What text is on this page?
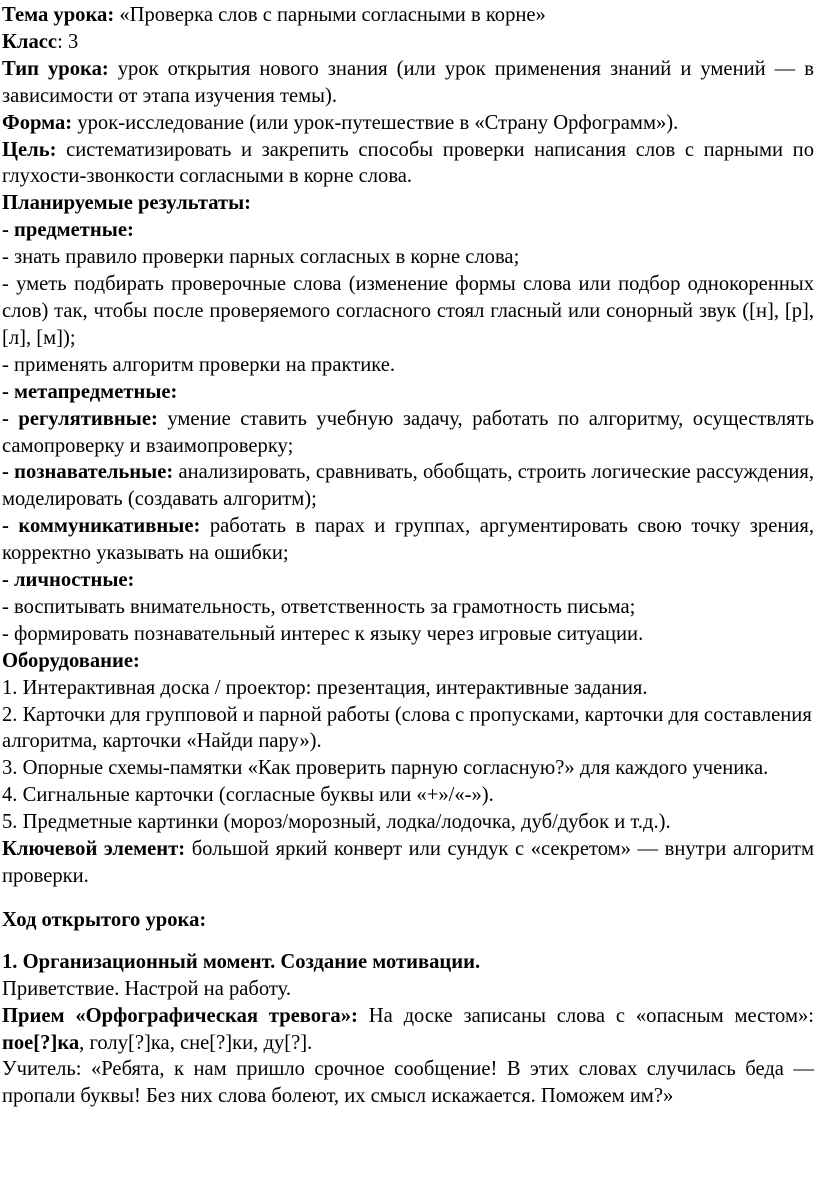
Тема урока: «Проверка слов с парными согласными в корне»

Класс: 3

Тип урока: урок открытия нового знания (или урок применения знаний и умений — в зависимости от этапа изучения темы).

Форма: урок-исследование (или урок-путешествие в «Страну Орфограмм»).

Цель: систематизировать и закрепить способы проверки написания слов с парными по глухости-звонкости согласными в корне слова.

Планируемые результаты:

- предметные:

- знать правило проверки парных согласных в корне слова;

- уметь подбирать проверочные слова (изменение формы слова или подбор однокоренных слов) так, чтобы после проверяемого согласного стоял гласный или сонорный звук ([н], [р], [л], [м]);

- применять алгоритм проверки на практике.

- метапредметные:

- регулятивные: умение ставить учебную задачу, работать по алгоритму, осуществлять самопроверку и взаимопроверку;

- познавательные: анализировать, сравнивать, обобщать, строить логические рассуждения, моделировать (создавать алгоритм);

- коммуникативные: работать в парах и группах, аргументировать свою точку зрения, корректно указывать на ошибки;

- личностные:

- воспитывать внимательность, ответственность за грамотность письма;

- формировать познавательный интерес к языку через игровые ситуации.

Оборудование:

1. Интерактивная доска / проектор: презентация, интерактивные задания.

2. Карточки для групповой и парной работы (слова с пропусками, карточки для составления алгоритма, карточки «Найди пару»).

3. Опорные схемы-памятки «Как проверить парную согласную?» для каждого ученика.

4. Сигнальные карточки (согласные буквы или «+»/«-»).

5. Предметные картинки (мороз/морозный, лодка/лодочка, дуб/дубок и т.д.).

Ключевой элемент: большой яркий конверт или сундук с «секретом» — внутри алгоритм проверки.

Ход открытого урока:

1. Организационный момент. Создание мотивации.

Приветствие. Настрой на работу.

Прием «Орфографическая тревога»: На доске записаны слова с «опасным местом»: пое[?]ка, голу[?]ка, сне[?]ки, ду[?].

Учитель: «Ребята, к нам пришло срочное сообщение! В этих словах случилась беда — пропали буквы! Без них слова болеют, их смысл искажается. Поможем им?»
